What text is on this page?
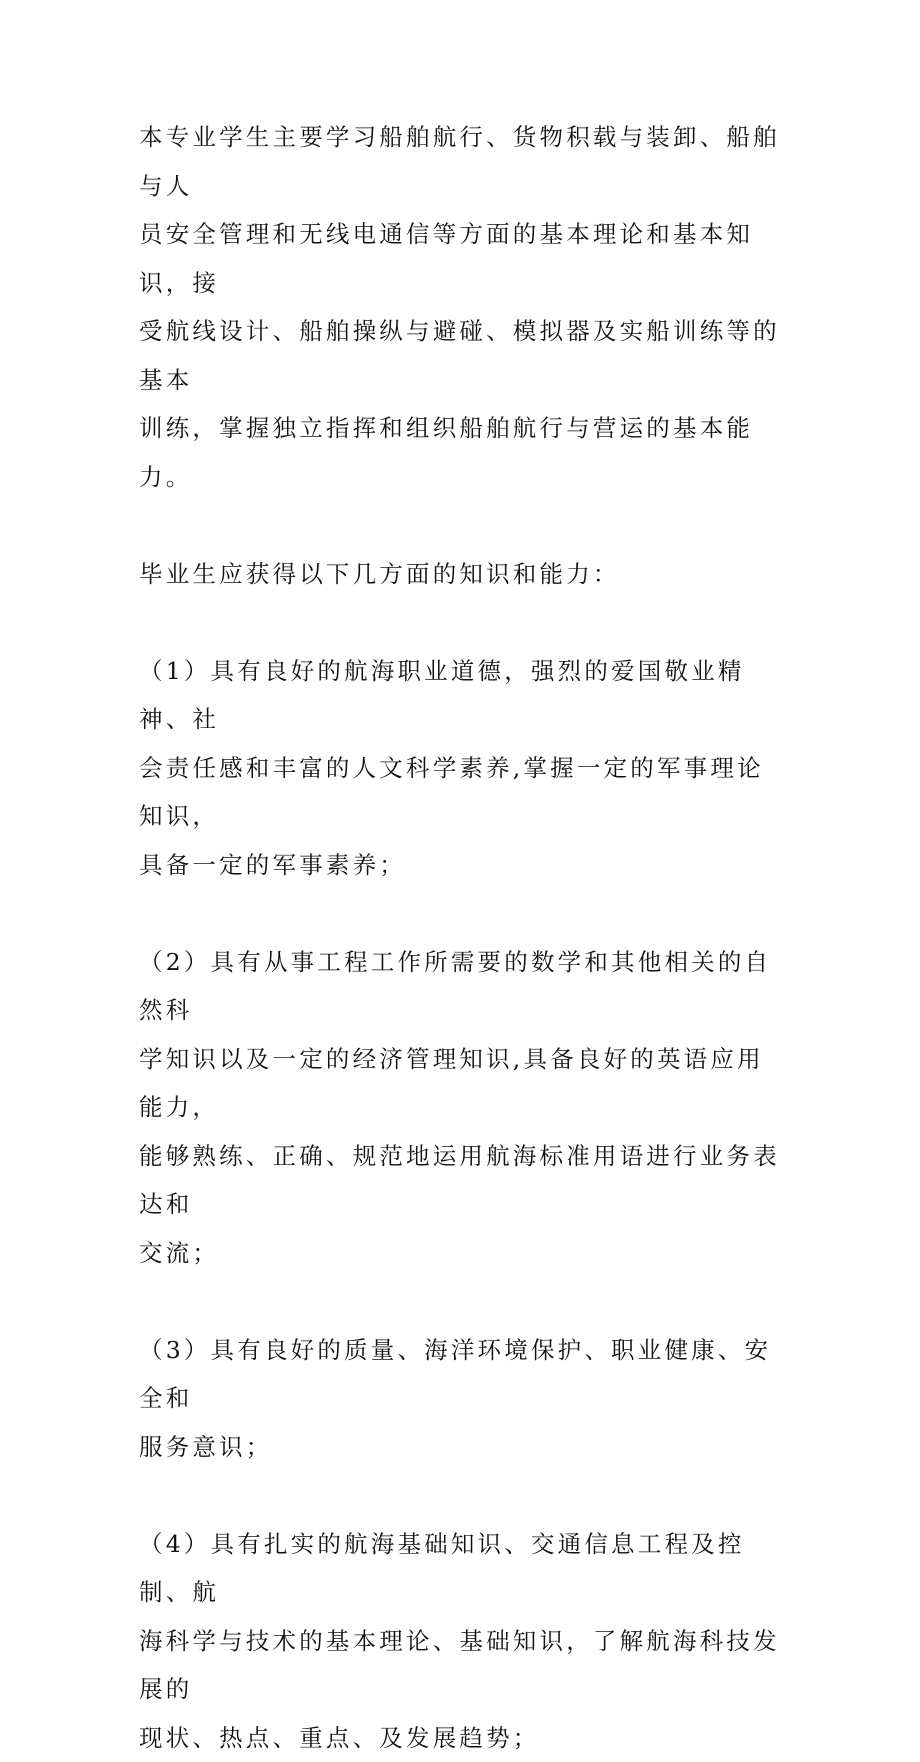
本专业学生主要学习船舶航行、货物积载与装卸、船舶与人
员安全管理和无线电通信等方面的基本理论和基本知识，接
受航线设计、船舶操纵与避碰、模拟器及实船训练等的基本
训练，掌握独立指挥和组织船舶航行与营运的基本能力。

毕业生应获得以下几方面的知识和能力：

（1）具有良好的航海职业道德，强烈的爱国敬业精神、社
会责任感和丰富的人文科学素养,掌握一定的军事理论知识，
具备一定的军事素养；

（2）具有从事工程工作所需要的数学和其他相关的自然科
学知识以及一定的经济管理知识,具备良好的英语应用能力，
能够熟练、正确、规范地运用航海标准用语进行业务表达和
交流；

（3）具有良好的质量、海洋环境保护、职业健康、安全和
服务意识；

（4）具有扎实的航海基础知识、交通信息工程及控制、航
海科学与技术的基本理论、基础知识，了解航海科技发展的
现状、热点、重点、及发展趋势；
